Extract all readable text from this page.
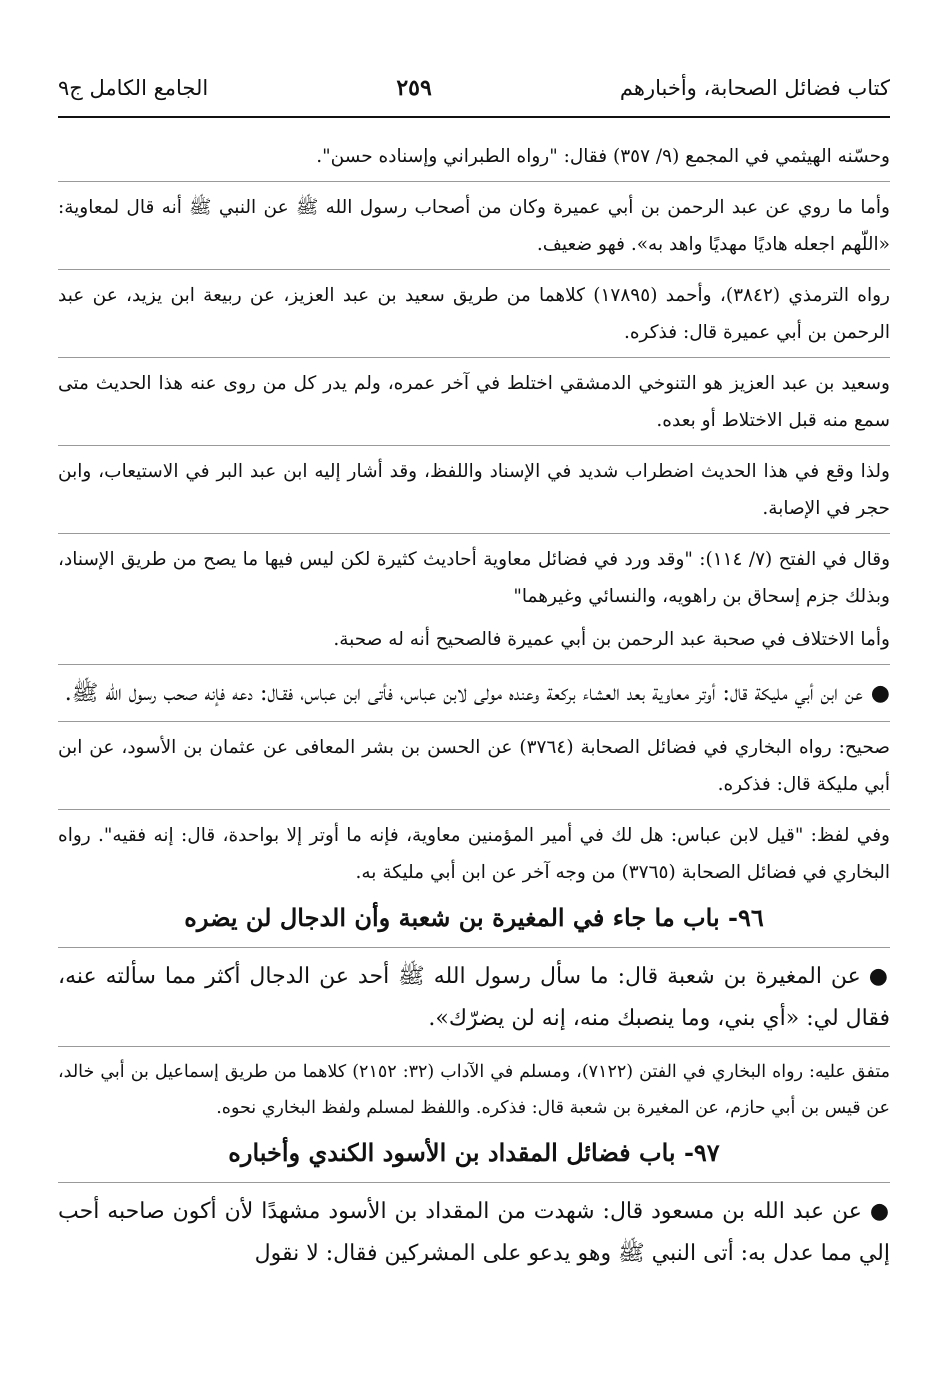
كتاب فضائل الصحابة، وأخبارهم
٢٥٩
الجامع الكامل ج٩

وحسّنه الهيثمي في المجمع (٩/ ٣٥٧) فقال: "رواه الطبراني وإسناده حسن".

وأما ما روي عن عبد الرحمن بن أبي عميرة وكان من أصحاب رسول الله ﷺ عن النبي ﷺ أنه قال لمعاوية: «اللّهم اجعله هاديًا مهديًا واهد به». فهو ضعيف.

رواه الترمذي (٣٨٤٢)، وأحمد (١٧٨٩٥) كلاهما من طريق سعيد بن عبد العزيز، عن ربيعة ابن يزيد، عن عبد الرحمن بن أبي عميرة قال: فذكره.

وسعيد بن عبد العزيز هو التنوخي الدمشقي اختلط في آخر عمره، ولم يدر كل من روى عنه هذا الحديث متى سمع منه قبل الاختلاط أو بعده.

ولذا وقع في هذا الحديث اضطراب شديد في الإسناد واللفظ، وقد أشار إليه ابن عبد البر في الاستيعاب، وابن حجر في الإصابة.

وقال في الفتح (٧/ ١١٤): "وقد ورد في فضائل معاوية أحاديث كثيرة لكن ليس فيها ما يصح من طريق الإسناد، وبذلك جزم إسحاق بن راهويه، والنسائي وغيرهما"

وأما الاختلاف في صحبة عبد الرحمن بن أبي عميرة فالصحيح أنه له صحبة.

●عن ابن أبي مليكة قال: أوتر معاوية بعد العشاء بركعة وعنده مولى لابن عباس، فأتى ابن عباس، فقـال: دعه فإنه صحب رسول الله ﷺ.

صحيح: رواه البخاري في فضائل الصحابة (٣٧٦٤) عن الحسن بن بشر المعافى عن عثمان بن الأسود، عن ابن أبي مليكة قال: فذكره.

وفي لفظ: "قيل لابن عباس: هل لك في أمير المؤمنين معاوية، فإنه ما أوتر إلا بواحدة، قال: إنه فقيه". رواه البخاري في فضائل الصحابة (٣٧٦٥) من وجه آخر عن ابن أبي مليكة به.

٩٦- باب ما جاء في المغيرة بن شعبة وأن الدجال لن يضره

●عن المغيرة بن شعبة قال: ما سأل رسول الله ﷺ أحد عن الدجال أكثر مما سألته عنه، فقال لي: «أي بني، وما ينصبك منه، إنه لن يضرّك».

متفق عليه: رواه البخاري في الفتن (٧١٢٢)، ومسلم في الآداب (٣٢: ٢١٥٢) كلاهما من طريق إسماعيل بن أبي خالد، عن قيس بن أبي حازم، عن المغيرة بن شعبة قال: فذكره. واللفظ لمسلم ولفظ البخاري نحوه.

٩٧- باب فضائل المقداد بن الأسود الكندي وأخباره

●عن عبد الله بن مسعود قال: شهدت من المقداد بن الأسود مشهدًا لأن أكون صاحبه أحب إلي مما عدل به: أتى النبي ﷺ وهو يدعو على المشركين فقال: لا نقول
